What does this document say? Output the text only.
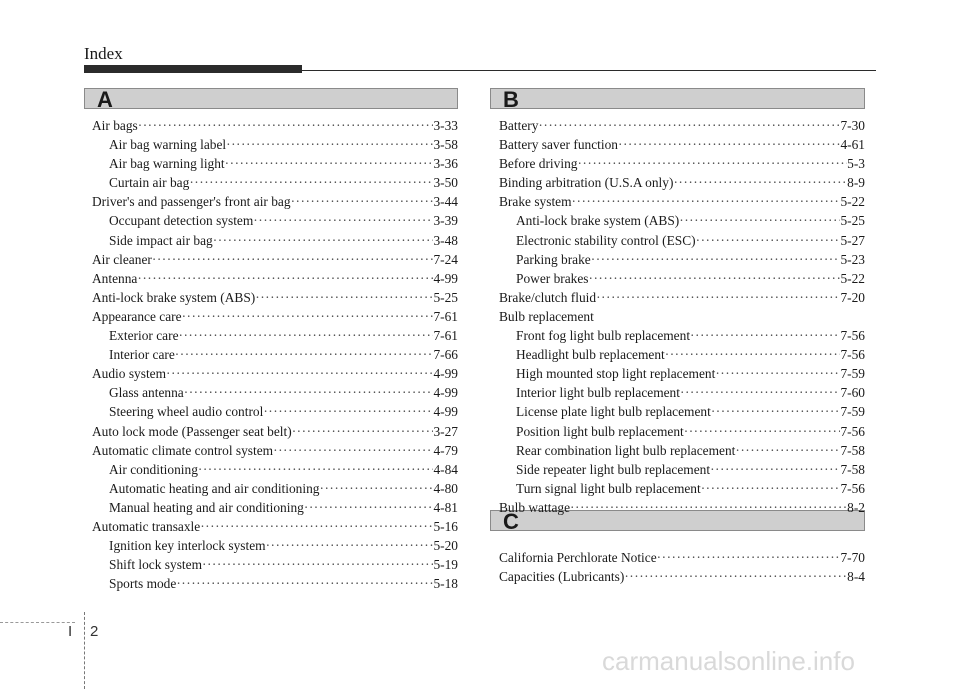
Index
A	B
C
Air bags ·····	3-33
Air bag warning label ·····	3-58
Air bag warning light ·····	3-36
Curtain air bag ·····	3-50
Driver's and passenger's front air bag ·····	3-44
Occupant detection system ·····	3-39
Side impact air bag ·····	3-48
Air cleaner ·····	7-24
Antenna ·····	4-99
Anti-lock brake system (ABS) ·····	5-25
Appearance care ·····	7-61
Exterior care ·····	7-61
Interior care ·····	7-66
Audio system ·····	4-99
Glass antenna ·····	4-99
Steering wheel audio control ·····	4-99
Auto lock mode (Passenger seat belt) ·····	3-27
Automatic climate control system ·····	4-79
Air conditioning ·····	4-84
Automatic heating and air conditioning ·····	4-80
Manual heating and air conditioning ·····	4-81
Automatic transaxle ·····	5-16
Ignition key interlock system ·····	5-20
Shift lock system ·····	5-19
Sports mode ·····	5-18
Battery ·····	7-30
Battery saver function ·····	4-61
Before driving ·····	5-3
Binding arbitration (U.S.A only) ·····	8-9
Brake system ·····	5-22
Anti-lock brake system (ABS) ·····	5-25
Electronic stability control (ESC) ·····	5-27
Parking brake ·····	5-23
Power brakes ·····	5-22
Brake/clutch fluid ·····	7-20
Bulb replacement
Front fog light bulb replacement ·····	7-56
Headlight bulb replacement ·····	7-56
High mounted stop light replacement ·····	7-59
Interior light bulb replacement ·····	7-60
License plate light bulb replacement ·····	7-59
Position light bulb replacement ·····	7-56
Rear combination light bulb replacement ·····	7-58
Side repeater light bulb replacement ·····	7-58
Turn signal light bulb replacement ·····	7-56
Bulb wattage ·····	8-2
California Perchlorate Notice ·····	7-70
Capacities (Lubricants) ·····	8-4
I 2
carmanualsonline.info
